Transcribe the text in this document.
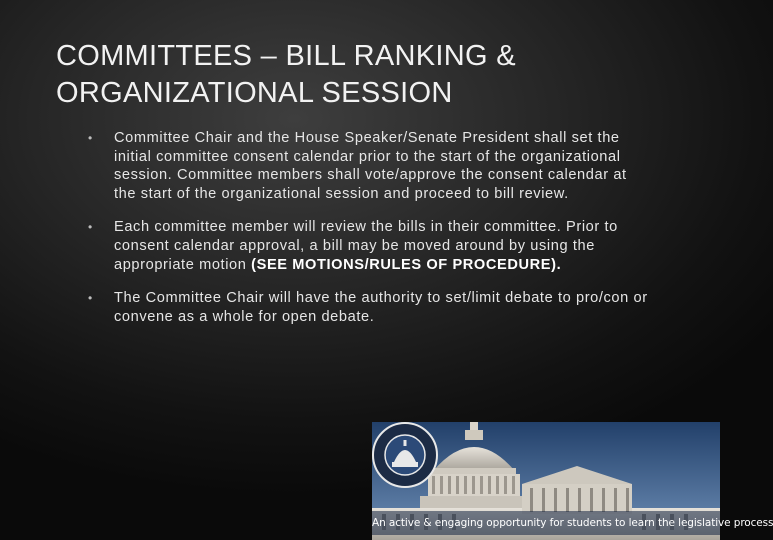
COMMITTEES – BILL RANKING &
ORGANIZATIONAL SESSION
• Committee Chair and the House Speaker/Senate President shall set the initial committee consent calendar prior to the start of the organizational session. Committee members shall vote/approve the consent calendar at the start of the organizational session and proceed to bill review.
• Each committee member will review the bills in their committee. Prior to consent calendar approval, a bill may be moved around by using the appropriate motion (SEE MOTIONS/RULES OF PROCEDURE).
• The Committee Chair will have the authority to set/limit debate to pro/con or convene as a whole for open debate.
An active & engaging opportunity for students to learn the legislative process
